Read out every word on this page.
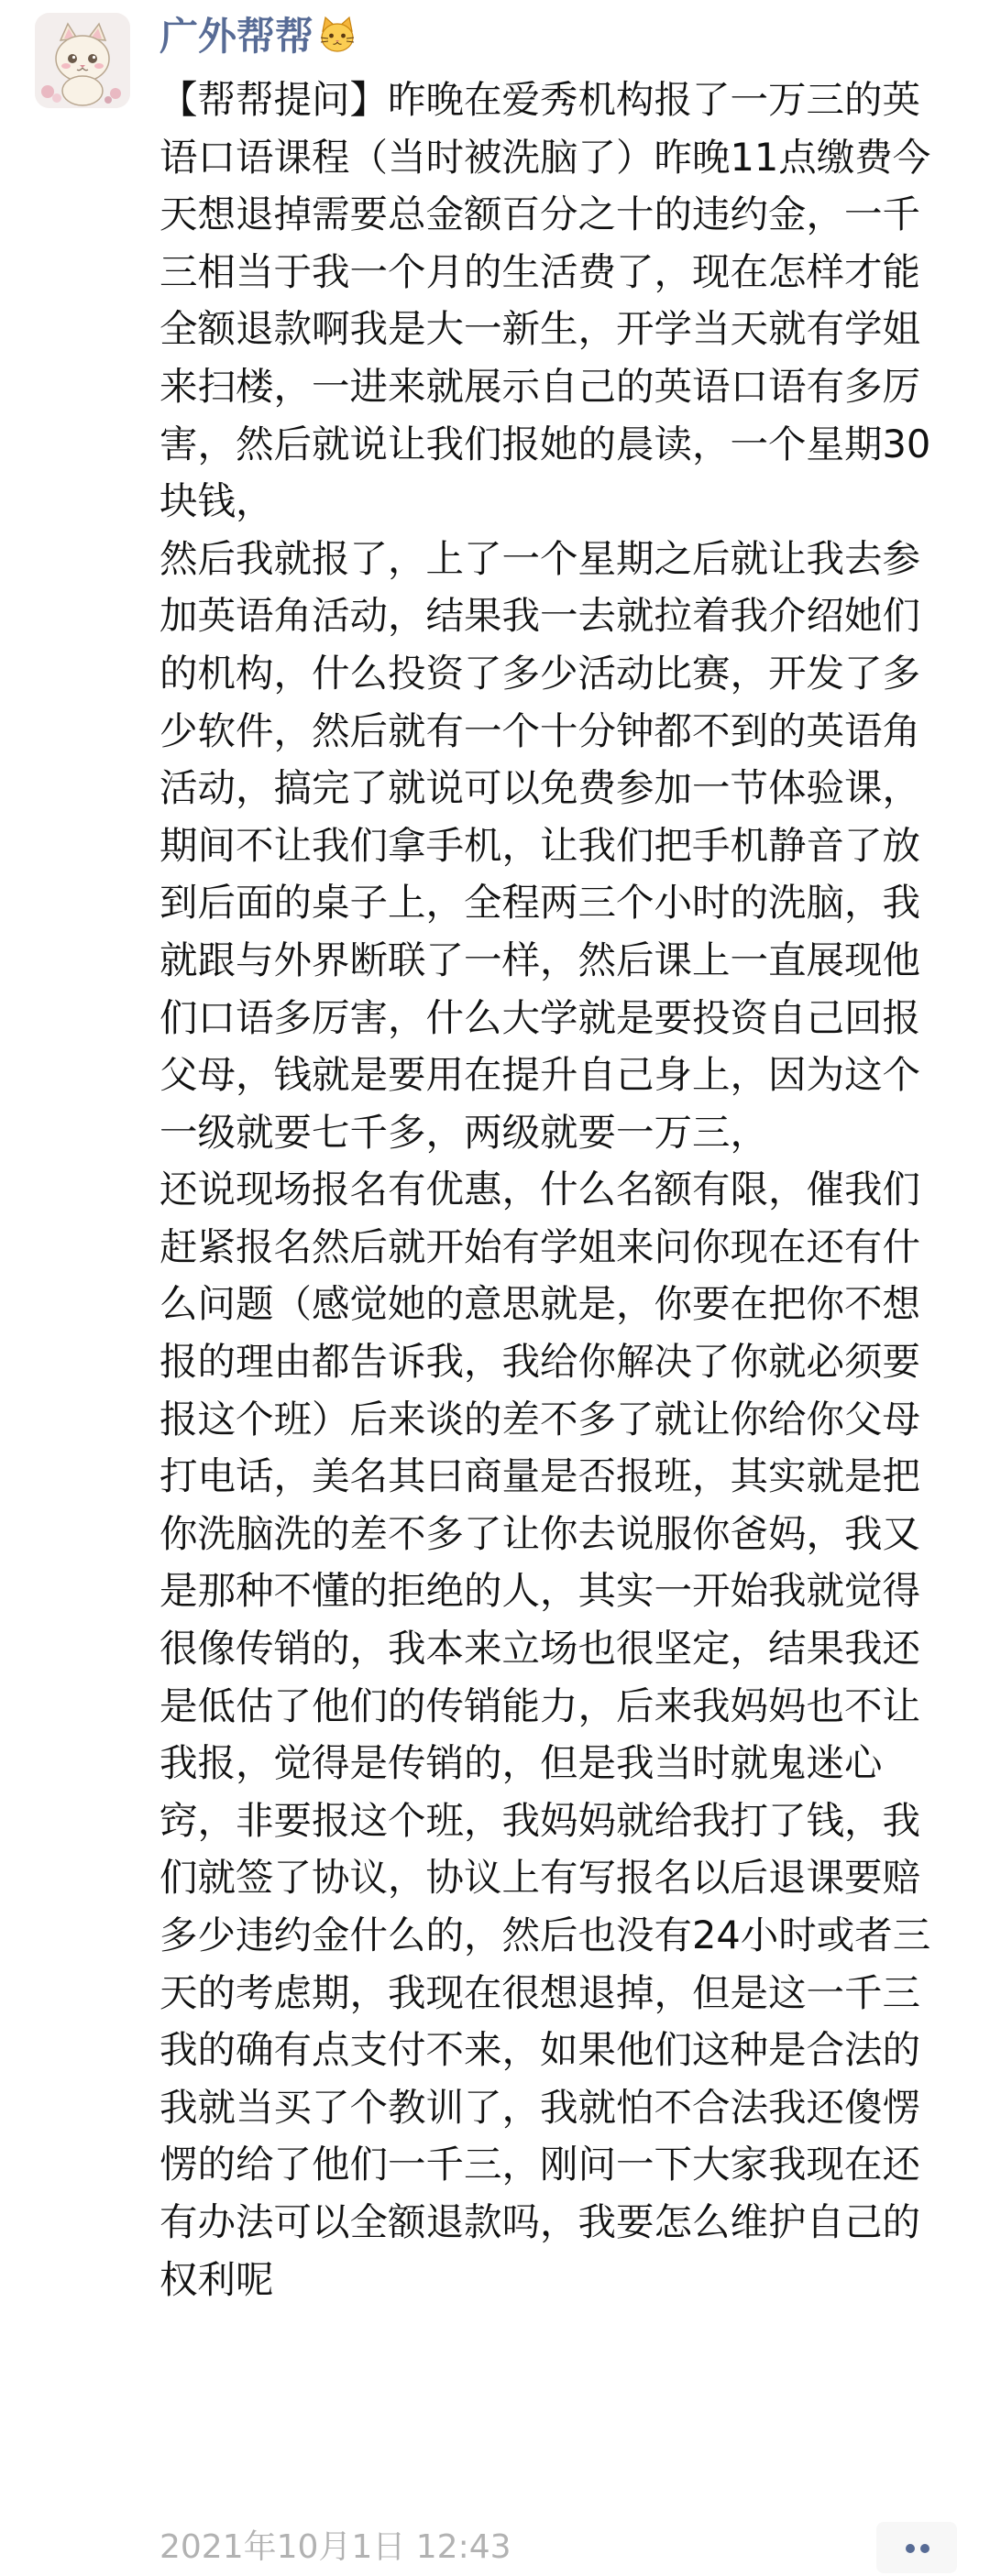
广外帮帮

【帮帮提问】昨晚在爱秀机构报了一万三的英语口语课程（当时被洗脑了）昨晚11点缴费今天想退掉需要总金额百分之十的违约金，一千三相当于我一个月的生活费了，现在怎样才能全额退款啊我是大一新生，开学当天就有学姐来扫楼，一进来就展示自己的英语口语有多厉害，然后就说让我们报她的晨读，一个星期30块钱，
然后我就报了，上了一个星期之后就让我去参加英语角活动，结果我一去就拉着我介绍她们的机构，什么投资了多少活动比赛，开发了多少软件，然后就有一个十分钟都不到的英语角活动，搞完了就说可以免费参加一节体验课，期间不让我们拿手机，让我们把手机静音了放到后面的桌子上，全程两三个小时的洗脑，我就跟与外界断联了一样，然后课上一直展现他们口语多厉害，什么大学就是要投资自己回报父母，钱就是要用在提升自己身上，因为这个一级就要七千多，两级就要一万三，
还说现场报名有优惠，什么名额有限，催我们赶紧报名然后就开始有学姐来问你现在还有什么问题（感觉她的意思就是，你要在把你不想报的理由都告诉我，我给你解决了你就必须要报这个班）后来谈的差不多了就让你给你父母打电话，美名其曰商量是否报班，其实就是把你洗脑洗的差不多了让你去说服你爸妈，我又是那种不懂的拒绝的人，其实一开始我就觉得很像传销的，我本来立场也很坚定，结果我还是低估了他们的传销能力，后来我妈妈也不让我报，觉得是传销的，但是我当时就鬼迷心窍，非要报这个班，我妈妈就给我打了钱，我们就签了协议，协议上有写报名以后退课要赔多少违约金什么的，然后也没有24小时或者三天的考虑期，我现在很想退掉，但是这一千三我的确有点支付不来，如果他们这种是合法的我就当买了个教训了，我就怕不合法我还傻愣愣的给了他们一千三，刚问一下大家我现在还有办法可以全额退款吗，我要怎么维护自己的权利呢

2021年10月1日 12:43
